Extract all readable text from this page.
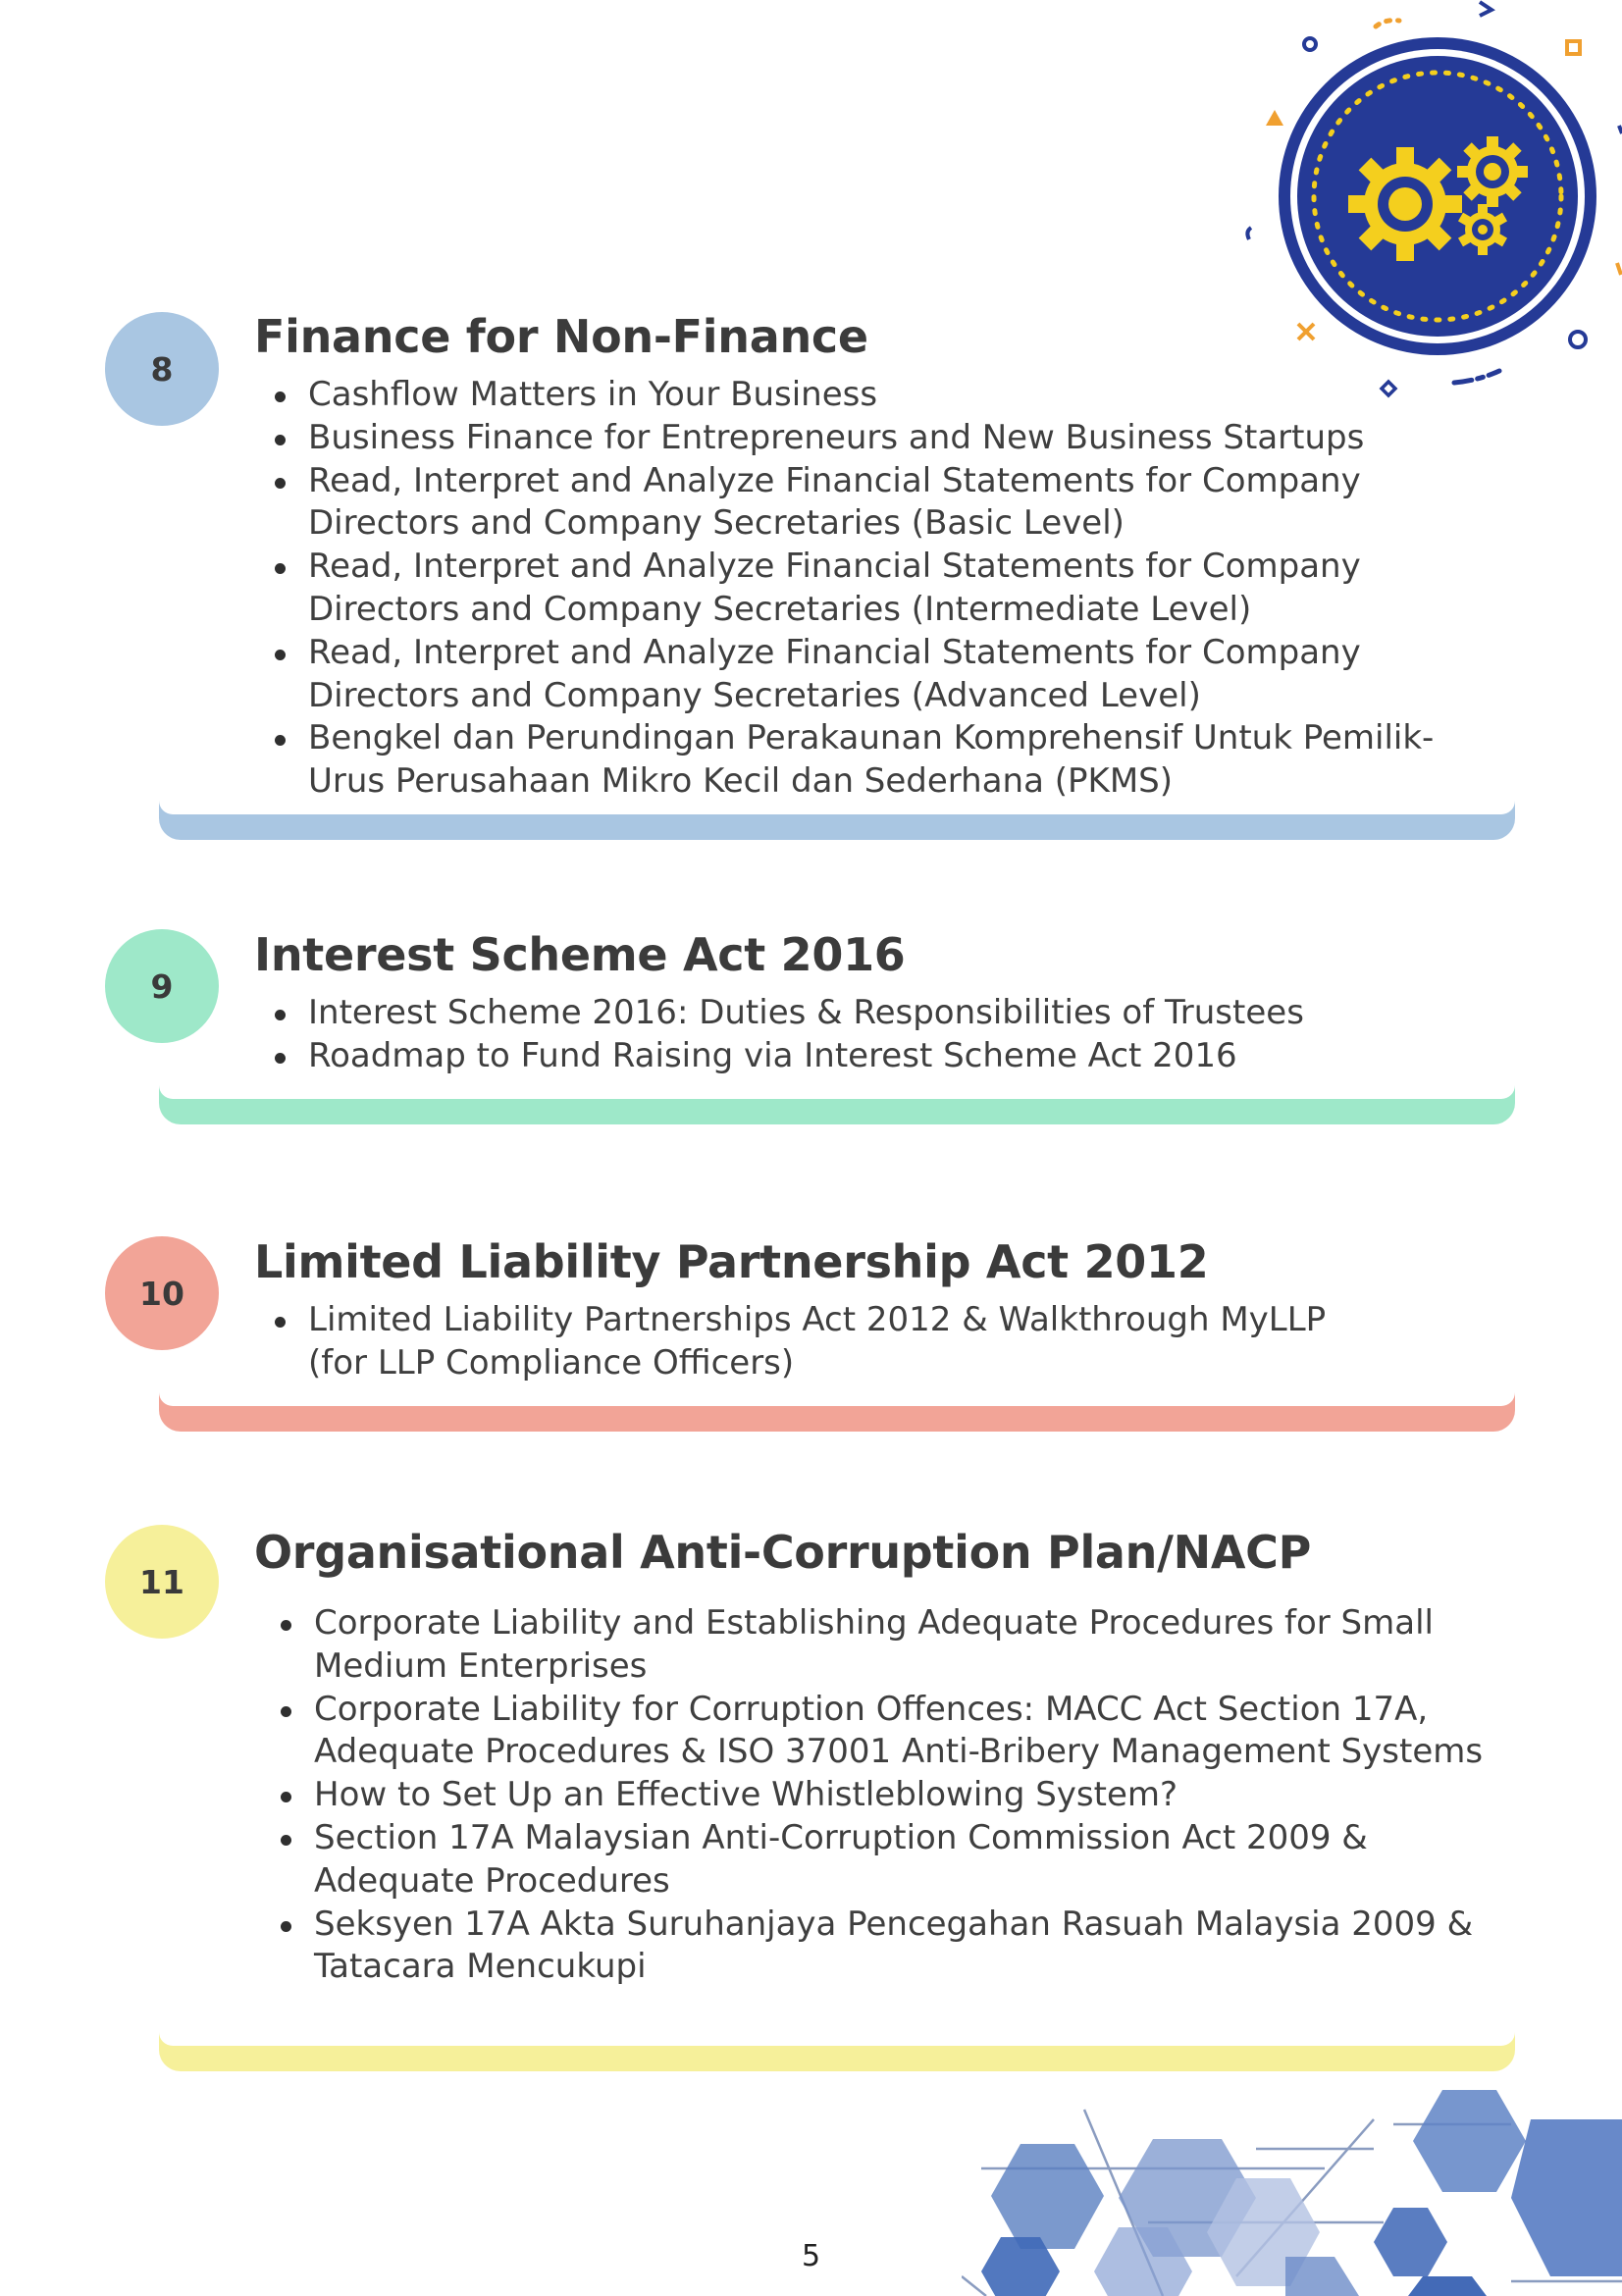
8
Finance for Non-Finance
Cashflow Matters in Your Business
Business Finance for Entrepreneurs and New Business Startups
Read, Interpret and Analyze Financial Statements for Company Directors and Company Secretaries (Basic Level)
Read, Interpret and Analyze Financial Statements for Company Directors and Company Secretaries (Intermediate Level)
Read, Interpret and Analyze Financial Statements for Company Directors and Company Secretaries (Advanced Level)
Bengkel dan Perundingan Perakaunan Komprehensif Untuk Pemilik-Urus Perusahaan Mikro Kecil dan Sederhana (PKMS)
9
Interest Scheme Act 2016
Interest Scheme 2016: Duties & Responsibilities of Trustees
Roadmap to Fund Raising via Interest Scheme Act 2016
10
Limited Liability Partnership Act 2012
Limited Liability Partnerships Act 2012 & Walkthrough MyLLP (for LLP Compliance Officers)
11
Organisational Anti-Corruption Plan/NACP
Corporate Liability and Establishing Adequate Procedures for Small Medium Enterprises
Corporate Liability for Corruption Offences: MACC Act Section 17A, Adequate Procedures & ISO 37001 Anti-Bribery Management Systems
How to Set Up an Effective Whistleblowing System?
Section 17A Malaysian Anti-Corruption Commission Act 2009 & Adequate Procedures
Seksyen 17A Akta Suruhanjaya Pencegahan Rasuah Malaysia 2009 & Tatacara Mencukupi
5
